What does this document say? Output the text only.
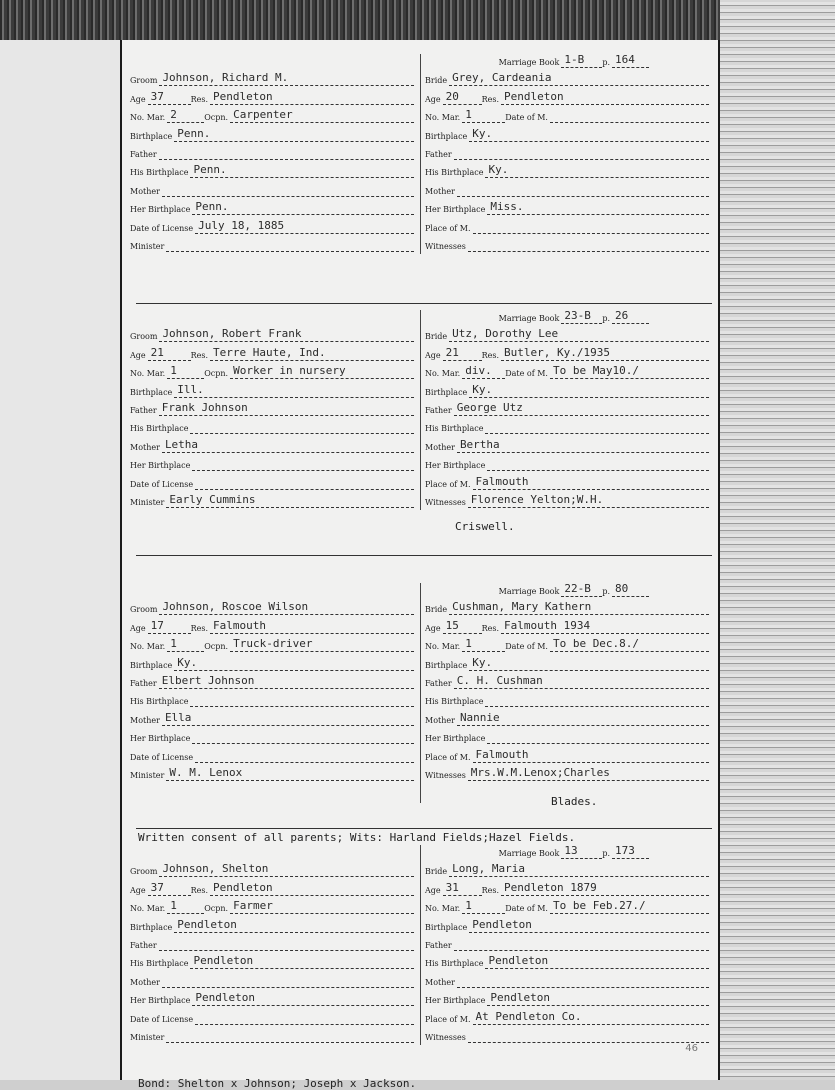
Groom Johnson, Richard M.
Age 37	Res. Pendleton
No. Mar. 2	Ocpn. Carpenter
Birthplace Penn.
Father
His Birthplace Penn.
Mother
Her Birthplace Penn.
Date of License July 18, 1885
Minister
Marriage Book 1-B	p. 164
Bride Grey, Cardeania
Age 20	Res. Pendleton
No. Mar. 1	Date of M.
Birthplace Ky.
Father
His Birthplace Ky.
Mother
Her Birthplace Miss.
Place of M.
Witnesses
Groom Johnson, Robert Frank
Age 21	Res. Terre Haute, Ind.
No. Mar. 1	Ocpn. Worker in nursery
Birthplace Ill.
Father Frank Johnson
His Birthplace
Mother Letha
Her Birthplace
Date of License
Minister Early Cummins
Marriage Book 23-B	p. 26
Bride Utz, Dorothy Lee
Age 21	Res. Butler, Ky./1935
No. Mar. div.	Date of M. To be May10./
Birthplace Ky.
Father George Utz
His Birthplace
Mother Bertha
Her Birthplace
Place of M. Falmouth
Witnesses Florence Yelton;W.H.
Criswell.
Groom Johnson, Roscoe Wilson
Age 17	Res. Falmouth
No. Mar. 1	Ocpn. Truck-driver
Birthplace Ky.
Father Elbert Johnson
His Birthplace
Mother Ella
Her Birthplace
Date of License
Minister W. M. Lenox
Marriage Book 22-B	p. 80
Bride Cushman, Mary Kathern
Age 15	Res. Falmouth 1934
No. Mar. 1	Date of M. To be Dec.8./
Birthplace Ky.
Father C. H. Cushman
His Birthplace
Mother Nannie
Her Birthplace
Place of M. Falmouth
Witnesses Mrs.W.M.Lenox;Charles
Blades.
Written consent of all parents; Wits: Harland Fields;Hazel Fields.
Groom Johnson, Shelton
Age 37	Res. Pendleton
No. Mar. 1	Ocpn. Farmer
Birthplace Pendleton
Father
His Birthplace Pendleton
Mother
Her Birthplace Pendleton
Date of License
Minister
Marriage Book 13	p. 173
Bride Long, Maria
Age 31	Res. Pendleton 1879
No. Mar. 1	Date of M. To be Feb.27./
Birthplace Pendleton
Father
His Birthplace Pendleton
Mother
Her Birthplace Pendleton
Place of M. At Pendleton Co.
Witnesses
Bond: Shelton x Johnson; Joseph x Jackson.
46
